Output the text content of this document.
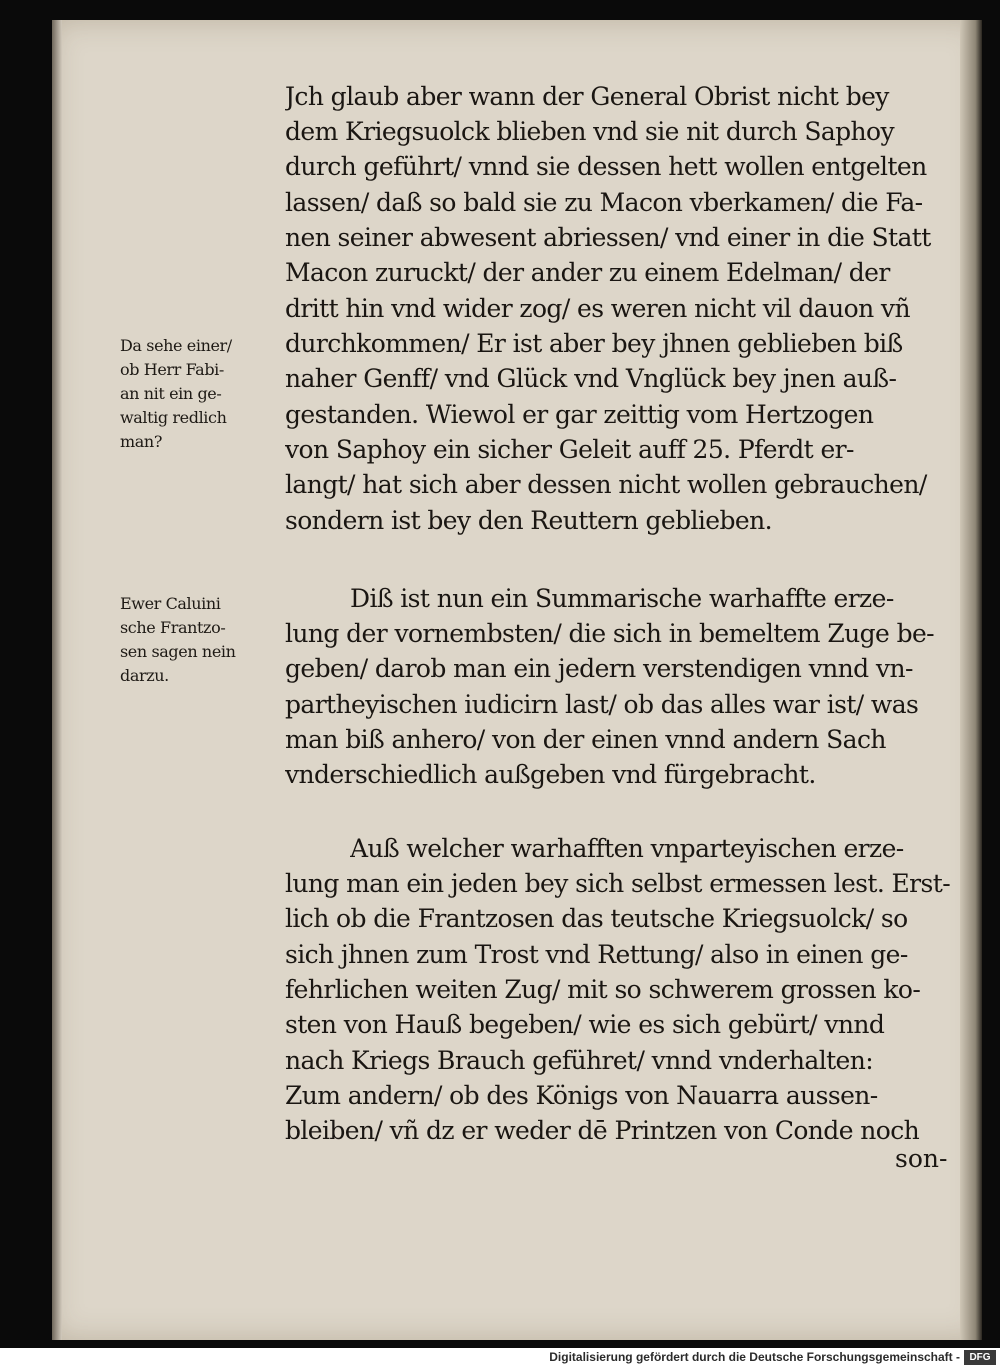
Jch glaub aber wann der General Obrist nicht bey
dem Kriegsuolck blieben vnd sie nit durch Saphoy
durch geführt/ vnnd sie dessen hett wollen entgelten
lassen/ daß so bald sie zu Macon vberkamen/ die Fa-
nen seiner abwesent abriessen/ vnd einer in die Statt
Macon zuruckt/ der ander zu einem Edelman/ der
dritt hin vnd wider zog/ es weren nicht vil dauon vñ
durchkommen/ Er ist aber bey jhnen geblieben biß
naher Genff/ vnd Glück vnd Vnglück bey jnen auß-
gestanden. Wiewol er gar zeittig vom Hertzogen
von Saphoy ein sicher Geleit auff 25. Pferdt er-
langt/ hat sich aber dessen nicht wollen gebrauchen/
sondern ist bey den Reuttern geblieben.
Diß ist nun ein Summarische warhaffte erze-
lung der vornembsten/ die sich in bemeltem Zuge be-
geben/ darob man ein jedern verstendigen vnnd vn-
partheyischen iudicirn last/ ob das alles war ist/ was
man biß anhero/ von der einen vnnd andern Sach
vnderschiedlich außgeben vnd fürgebracht.
Auß welcher warhafften vnparteyischen erze-
lung man ein jeden bey sich selbst ermessen lest. Erst-
lich ob die Frantzosen das teutsche Kriegsuolck/ so
sich jhnen zum Trost vnd Rettung/ also in einen ge-
fehrlichen weiten Zug/ mit so schwerem grossen ko-
sten von Hauß begeben/ wie es sich gebürt/ vnnd
nach Kriegs Brauch geführet/ vnnd vnderhalten:
Zum andern/ ob des Königs von Nauarra aussen-
bleiben/ vñ dz er weder dē Printzen von Conde noch
son-
Da sehe einer/
ob Herr Fabi-
an nit ein ge-
waltig redlich
man?
Ewer Caluini
sche Frantzo-
sen sagen nein
darzu.
Digitalisierung gefördert durch die Deutsche Forschungsgemeinschaft - DFG
